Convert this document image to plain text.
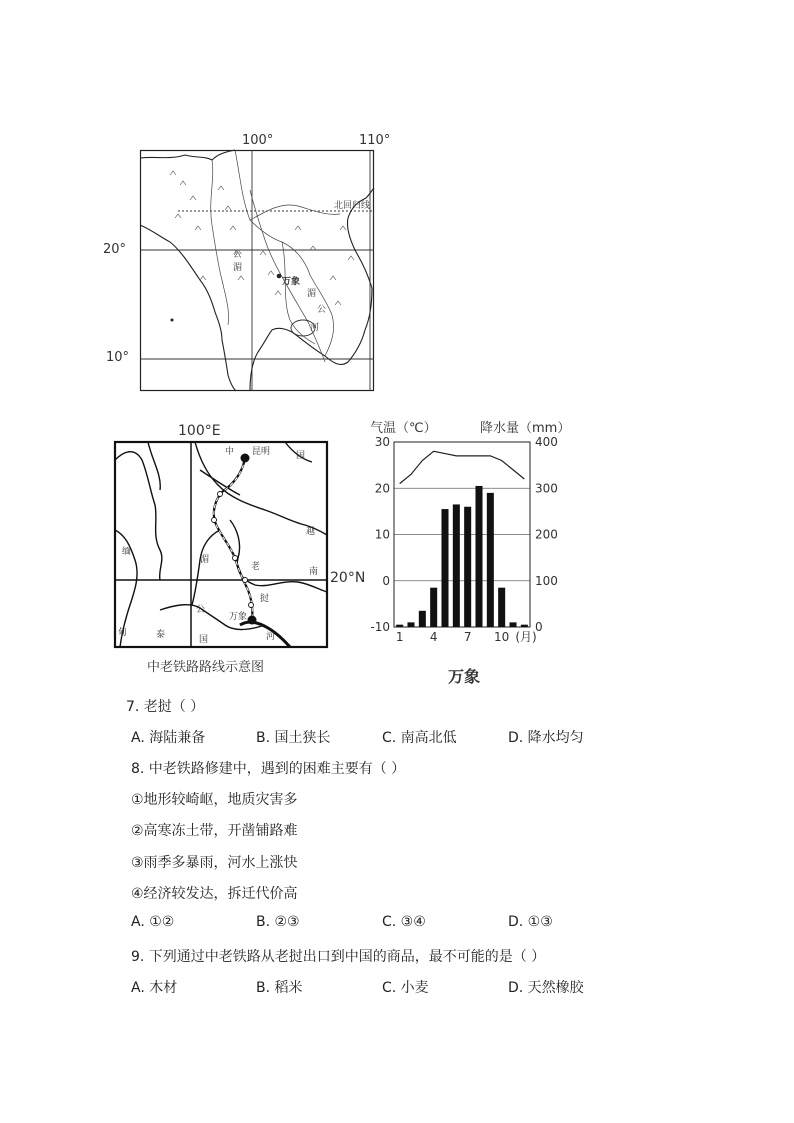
100°	110°
20°
10°
北回归线
万象
湄
公
河
湄
公
100°E
20°N
中 昆明	国
越
南
缅
甸	泰
湄
老
挝
公
万象
国	河
中老铁路路线示意图
气温（℃）	降水量（mm）
30
20
10
0
-10
400
300
200
100
0
1 4 7 10 (月)
万象
7. 老挝（ ）
A. 海陆兼备	B. 国土狭长	C. 南高北低	D. 降水均匀
8. 中老铁路修建中，遇到的困难主要有（ ）
①地形较崎岖，地质灾害多
②高寒冻土带，开凿铺路难
③雨季多暴雨，河水上涨快
④经济较发达，拆迁代价高
A. ①②	B. ②③	C. ③④	D. ①③
9. 下列通过中老铁路从老挝出口到中国的商品，最不可能的是（ ）
A. 木材	B. 稻米	C. 小麦	D. 天然橡胶
